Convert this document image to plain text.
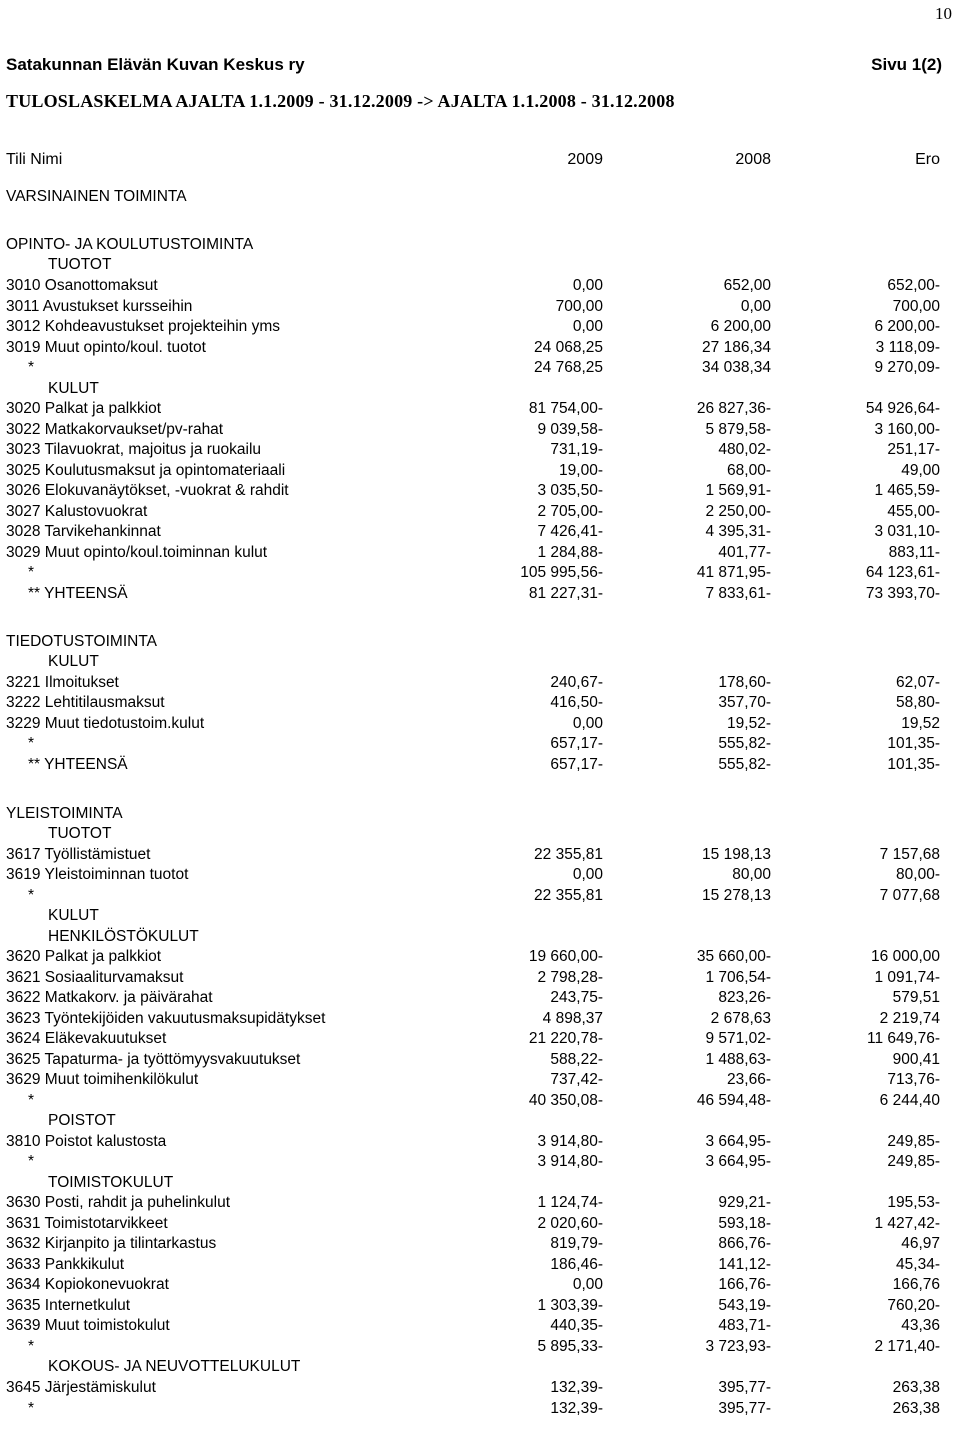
10
Satakunnan Elävän Kuvan Keskus ry	Sivu 1(2)
TULOSLASKELMA AJALTA 1.1.2009 - 31.12.2009 -> AJALTA 1.1.2008 - 31.12.2008
Tili Nimi	2009	2008	Ero
VARSINAINEN TOIMINTA
OPINTO- JA KOULUTUSTOIMINTA
TUOTOT
3010 Osanottomaksut	0,00	652,00	652,00-
3011 Avustukset kursseihin	700,00	0,00	700,00
3012 Kohdeavustukset projekteihin yms	0,00	6 200,00	6 200,00-
3019 Muut opinto/koul. tuotot	24 068,25	27 186,34	3 118,09-
*	24 768,25	34 038,34	9 270,09-
KULUT
3020 Palkat ja palkkiot	81 754,00-	26 827,36-	54 926,64-
3022 Matkakorvaukset/pv-rahat	9 039,58-	5 879,58-	3 160,00-
3023 Tilavuokrat, majoitus ja ruokailu	731,19-	480,02-	251,17-
3025 Koulutusmaksut ja opintomateriaali	19,00-	68,00-	49,00
3026 Elokuvanäytökset, -vuokrat & rahdit	3 035,50-	1 569,91-	1 465,59-
3027 Kalustovuokrat	2 705,00-	2 250,00-	455,00-
3028 Tarvikehankinnat	7 426,41-	4 395,31-	3 031,10-
3029 Muut opinto/koul.toiminnan kulut	1 284,88-	401,77-	883,11-
*	105 995,56-	41 871,95-	64 123,61-
** YHTEENSÄ	81 227,31-	7 833,61-	73 393,70-
TIEDOTUSTOIMINTA
KULUT
3221 Ilmoitukset	240,67-	178,60-	62,07-
3222 Lehtitilausmaksut	416,50-	357,70-	58,80-
3229 Muut tiedotustoim.kulut	0,00	19,52-	19,52
*	657,17-	555,82-	101,35-
** YHTEENSÄ	657,17-	555,82-	101,35-
YLEISTOIMINTA
TUOTOT
3617 Työllistämistuet	22 355,81	15 198,13	7 157,68
3619 Yleistoiminnan tuotot	0,00	80,00	80,00-
*	22 355,81	15 278,13	7 077,68
KULUT
HENKILÖSTÖKULUT
3620 Palkat ja palkkiot	19 660,00-	35 660,00-	16 000,00
3621 Sosiaaliturvamaksut	2 798,28-	1 706,54-	1 091,74-
3622 Matkakorv. ja päivärahat	243,75-	823,26-	579,51
3623 Työntekijöiden vakuutusmaksupidätykset	4 898,37	2 678,63	2 219,74
3624 Eläkevakuutukset	21 220,78-	9 571,02-	11 649,76-
3625 Tapaturma- ja työttömyysvakuutukset	588,22-	1 488,63-	900,41
3629 Muut toimihenkilökulut	737,42-	23,66-	713,76-
*	40 350,08-	46 594,48-	6 244,40
POISTOT
3810 Poistot kalustosta	3 914,80-	3 664,95-	249,85-
*	3 914,80-	3 664,95-	249,85-
TOIMISTOKULUT
3630 Posti, rahdit ja puhelinkulut	1 124,74-	929,21-	195,53-
3631 Toimistotarvikkeet	2 020,60-	593,18-	1 427,42-
3632 Kirjanpito ja tilintarkastus	819,79-	866,76-	46,97
3633 Pankkikulut	186,46-	141,12-	45,34-
3634 Kopiokonevuokrat	0,00	166,76-	166,76
3635 Internetkulut	1 303,39-	543,19-	760,20-
3639 Muut toimistokulut	440,35-	483,71-	43,36
*	5 895,33-	3 723,93-	2 171,40-
KOKOUS- JA NEUVOTTELUKULUT
3645 Järjestämiskulut	132,39-	395,77-	263,38
*	132,39-	395,77-	263,38
